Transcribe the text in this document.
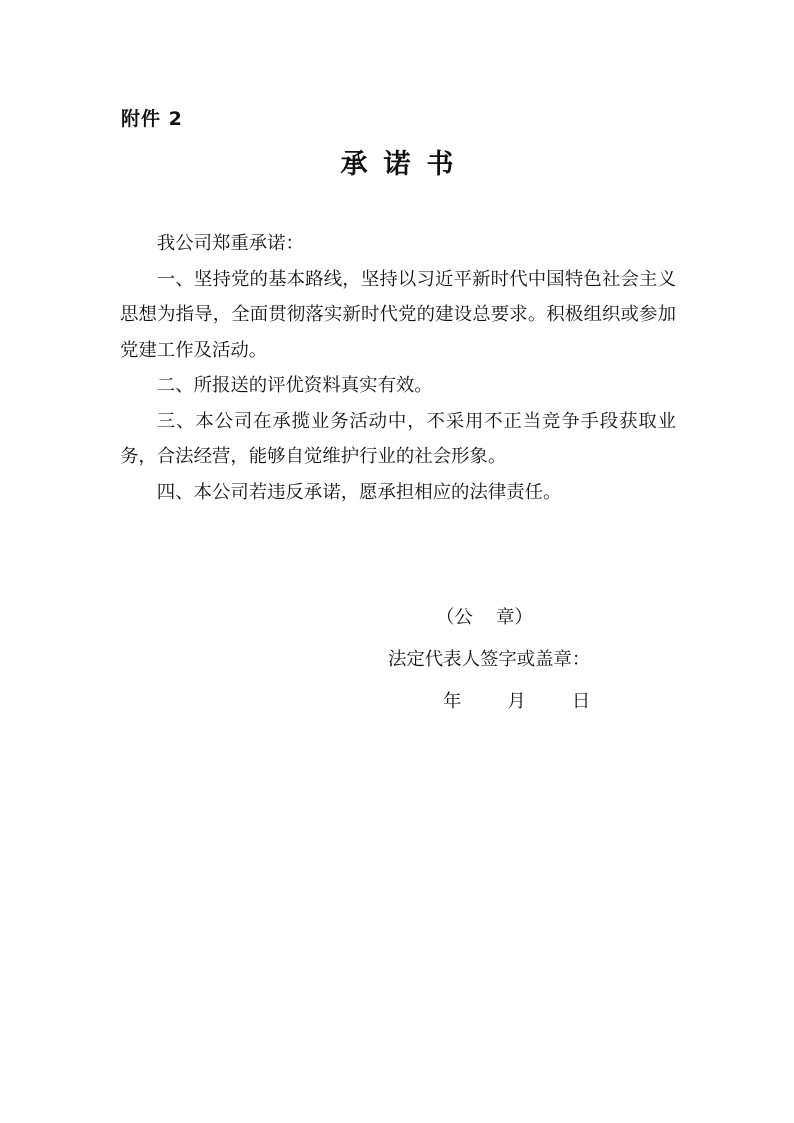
附件 2
承诺书

我公司郑重承诺：

一、坚持党的基本路线，坚持以习近平新时代中国特色社会主义思想为指导，全面贯彻落实新时代党的建设总要求。积极组织或参加党建工作及活动。

二、所报送的评优资料真实有效。

三、本公司在承揽业务活动中，不采用不正当竞争手段获取业务，合法经营，能够自觉维护行业的社会形象。

四、本公司若违反承诺，愿承担相应的法律责任。

（公    章）
法定代表人签字或盖章：
年	月	日
